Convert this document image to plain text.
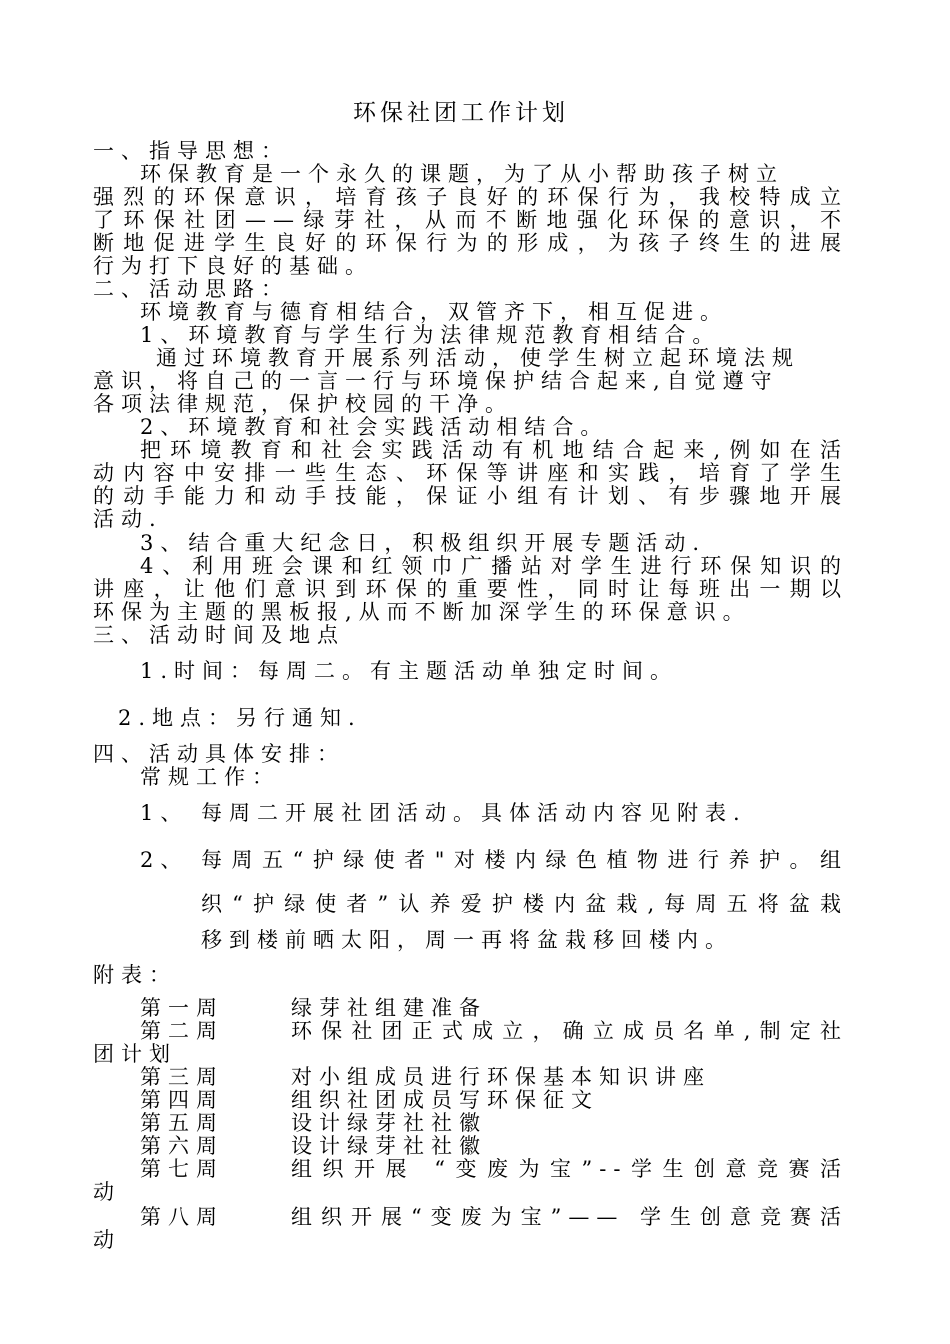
环保社团工作计划
一、指导思想：
环保教育是一个永久的课题，为了从小帮助孩子树立
强烈的环保意识，培育孩子良好的环保行为，我校特成立
了环保社团——绿芽社，从而不断地强化环保的意识，不
断地促进学生良好的环保行为的形成，为孩子终生的进展
行为打下良好的基础。
二、活动思路：
环境教育与德育相结合，双管齐下，相互促进。
1、环境教育与学生行为法律规范教育相结合。
通过环境教育开展系列活动，使学生树立起环境法规
意识，将自己的一言一行与环境保护结合起来,自觉遵守
各项法律规范，保护校园的干净。
2、环境教育和社会实践活动相结合。
把环境教育和社会实践活动有机地结合起来,例如在活
动内容中安排一些生态、环保等讲座和实践，培育了学生
的动手能力和动手技能，保证小组有计划、有步骤地开展
活动.
3、结合重大纪念日，积极组织开展专题活动.
4、利用班会课和红领巾广播站对学生进行环保知识的
讲座，让他们意识到环保的重要性，同时让每班出一期以
环保为主题的黑板报,从而不断加深学生的环保意识。
三、活动时间及地点
1.时间：每周二。有主题活动单独定时间。
2.地点：另行通知.
四、活动具体安排：
常规工作：
1、 每周二开展社团活动。具体活动内容见附表.
2、 每周五“护绿使者"对楼内绿色植物进行养护。组
织“护绿使者”认养爱护楼内盆栽,每周五将盆栽
移到楼前晒太阳，周一再将盆栽移回楼内。
附表：
第一周	绿芽社组建准备
第二周	环保社团正式成立，确立成员名单,制定社
团计划
第三周	对小组成员进行环保基本知识讲座
第四周	组织社团成员写环保征文
第五周	设计绿芽社社徽
第六周	设计绿芽社社徽
第七周	组织开展 “变废为宝”--学生创意竞赛活
动
第八周	组织开展“变废为宝”—— 学生创意竞赛活
动
